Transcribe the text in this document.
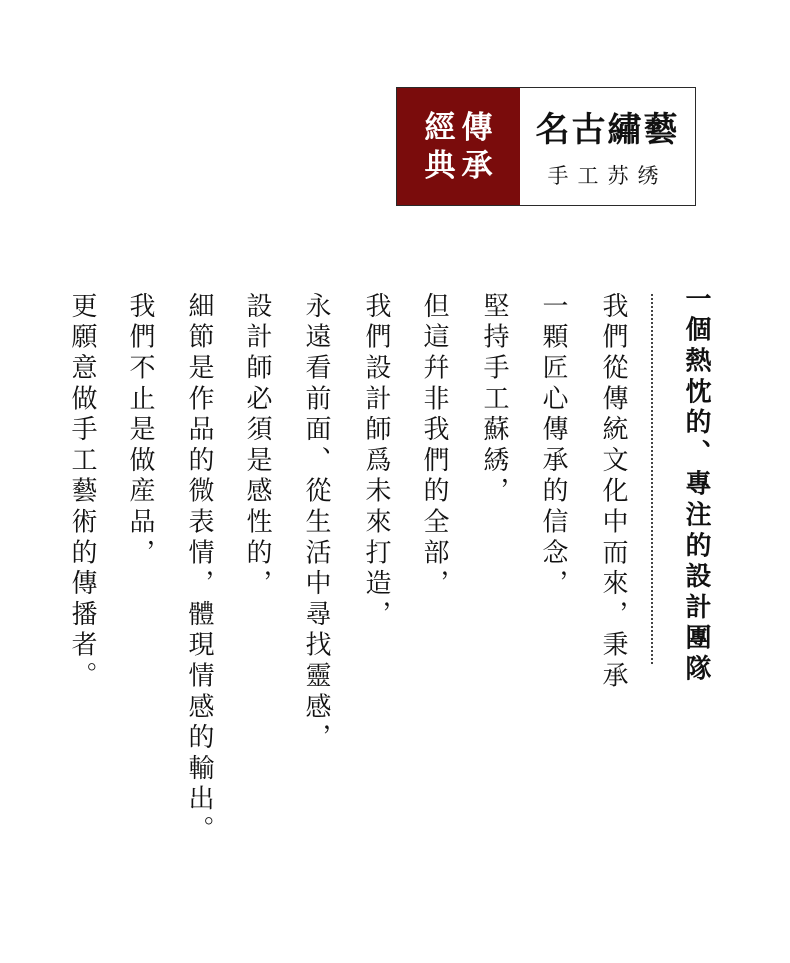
經
典
傳
承
名古繡藝
手工苏绣
一個熱忱的、專注的設計團隊
我們從傳統文化中而來，秉承
一顆匠心傳承的信念，
堅持手工蘇綉，
但這幷非我們的全部，
我們設計師爲未來打造，
永遠看前面、從生活中尋找靈感，
設計師必須是感性的，
細節是作品的微表情，體現情感的輸出。
我們不止是做産品，
更願意做手工藝術的傳播者。
